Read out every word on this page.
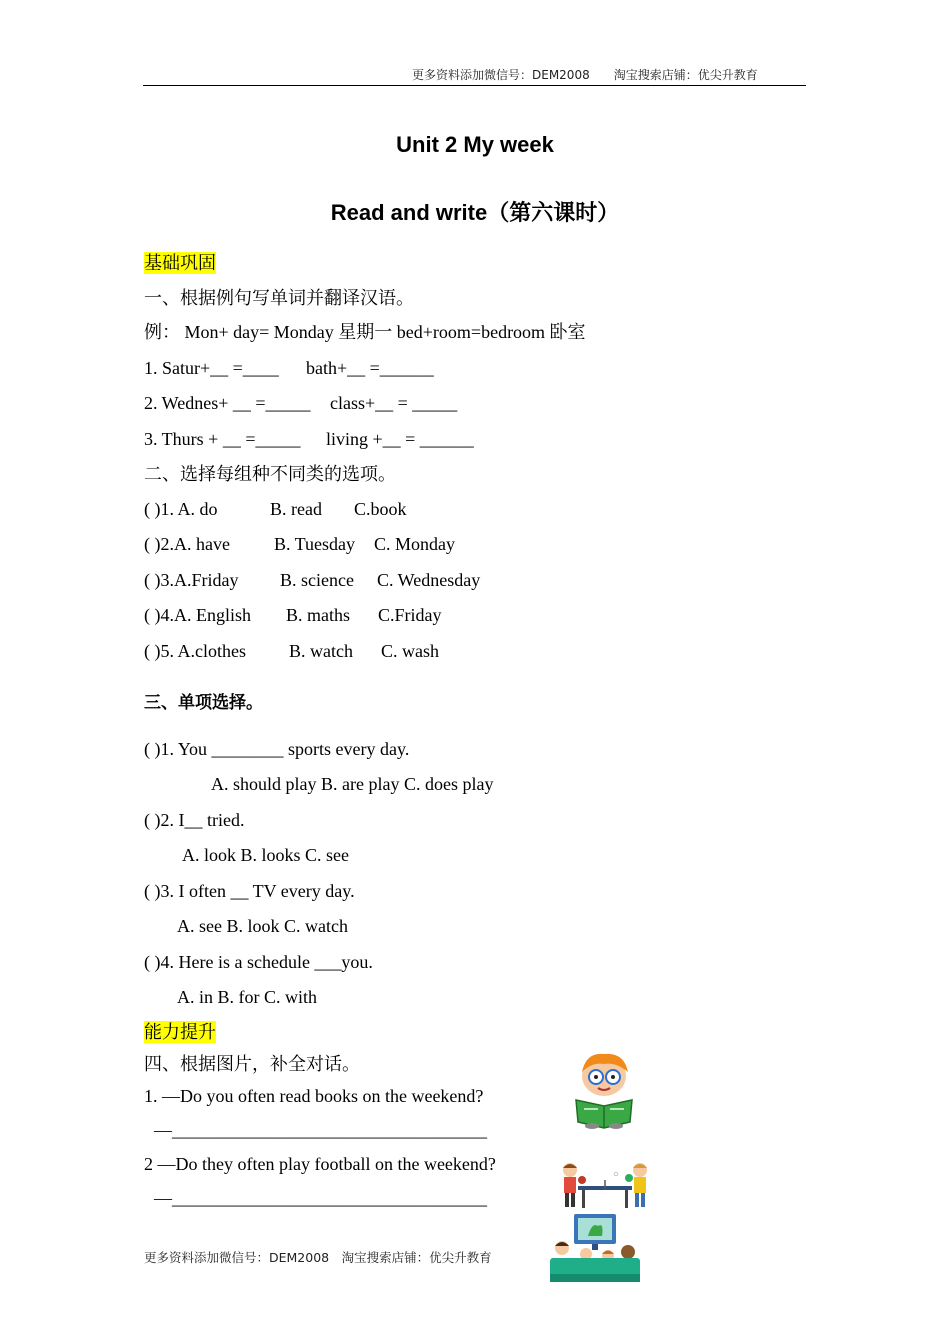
更多资料添加微信号：DEM2008　　淘宝搜索店铺：优尖升教育
Unit 2 My week
Read and write（第六课时）
基础巩固
一、根据例句写单词并翻译汉语。
例： Mon+ day= Monday 星期一 bed+room=bedroom 卧室
1. Satur+__ =____ bath+__ =______
2. Wednes+ __ =_____ class+__ = _____
3. Thurs + __ =_____ living +__ = ______
二、选择每组种不同类的选项。
( )1. A. do	B. read C.book
( )2.A. have B. Tuesday C. Monday
( )3.A.Friday B. science C. Wednesday
( )4.A. English B. maths C.Friday
( )5. A.clothes B. watch C. wash
三、单项选择。
( )1. You ________ sports every day.
A. should play B. are play C. does play
( )2. I__ tried.
A. look B. looks C. see
( )3. I often __ TV every day.
A. see B. look C. watch
( )4. Here is a schedule ___you.
A. in B. for C. with
能力提升
四、根据图片，补全对话。
1. —Do you often read books on the weekend?
—___________________________________
2 —Do they often play football on the weekend?
—___________________________________
更多资料添加微信号：DEM2008　淘宝搜索店铺：优尖升教育
